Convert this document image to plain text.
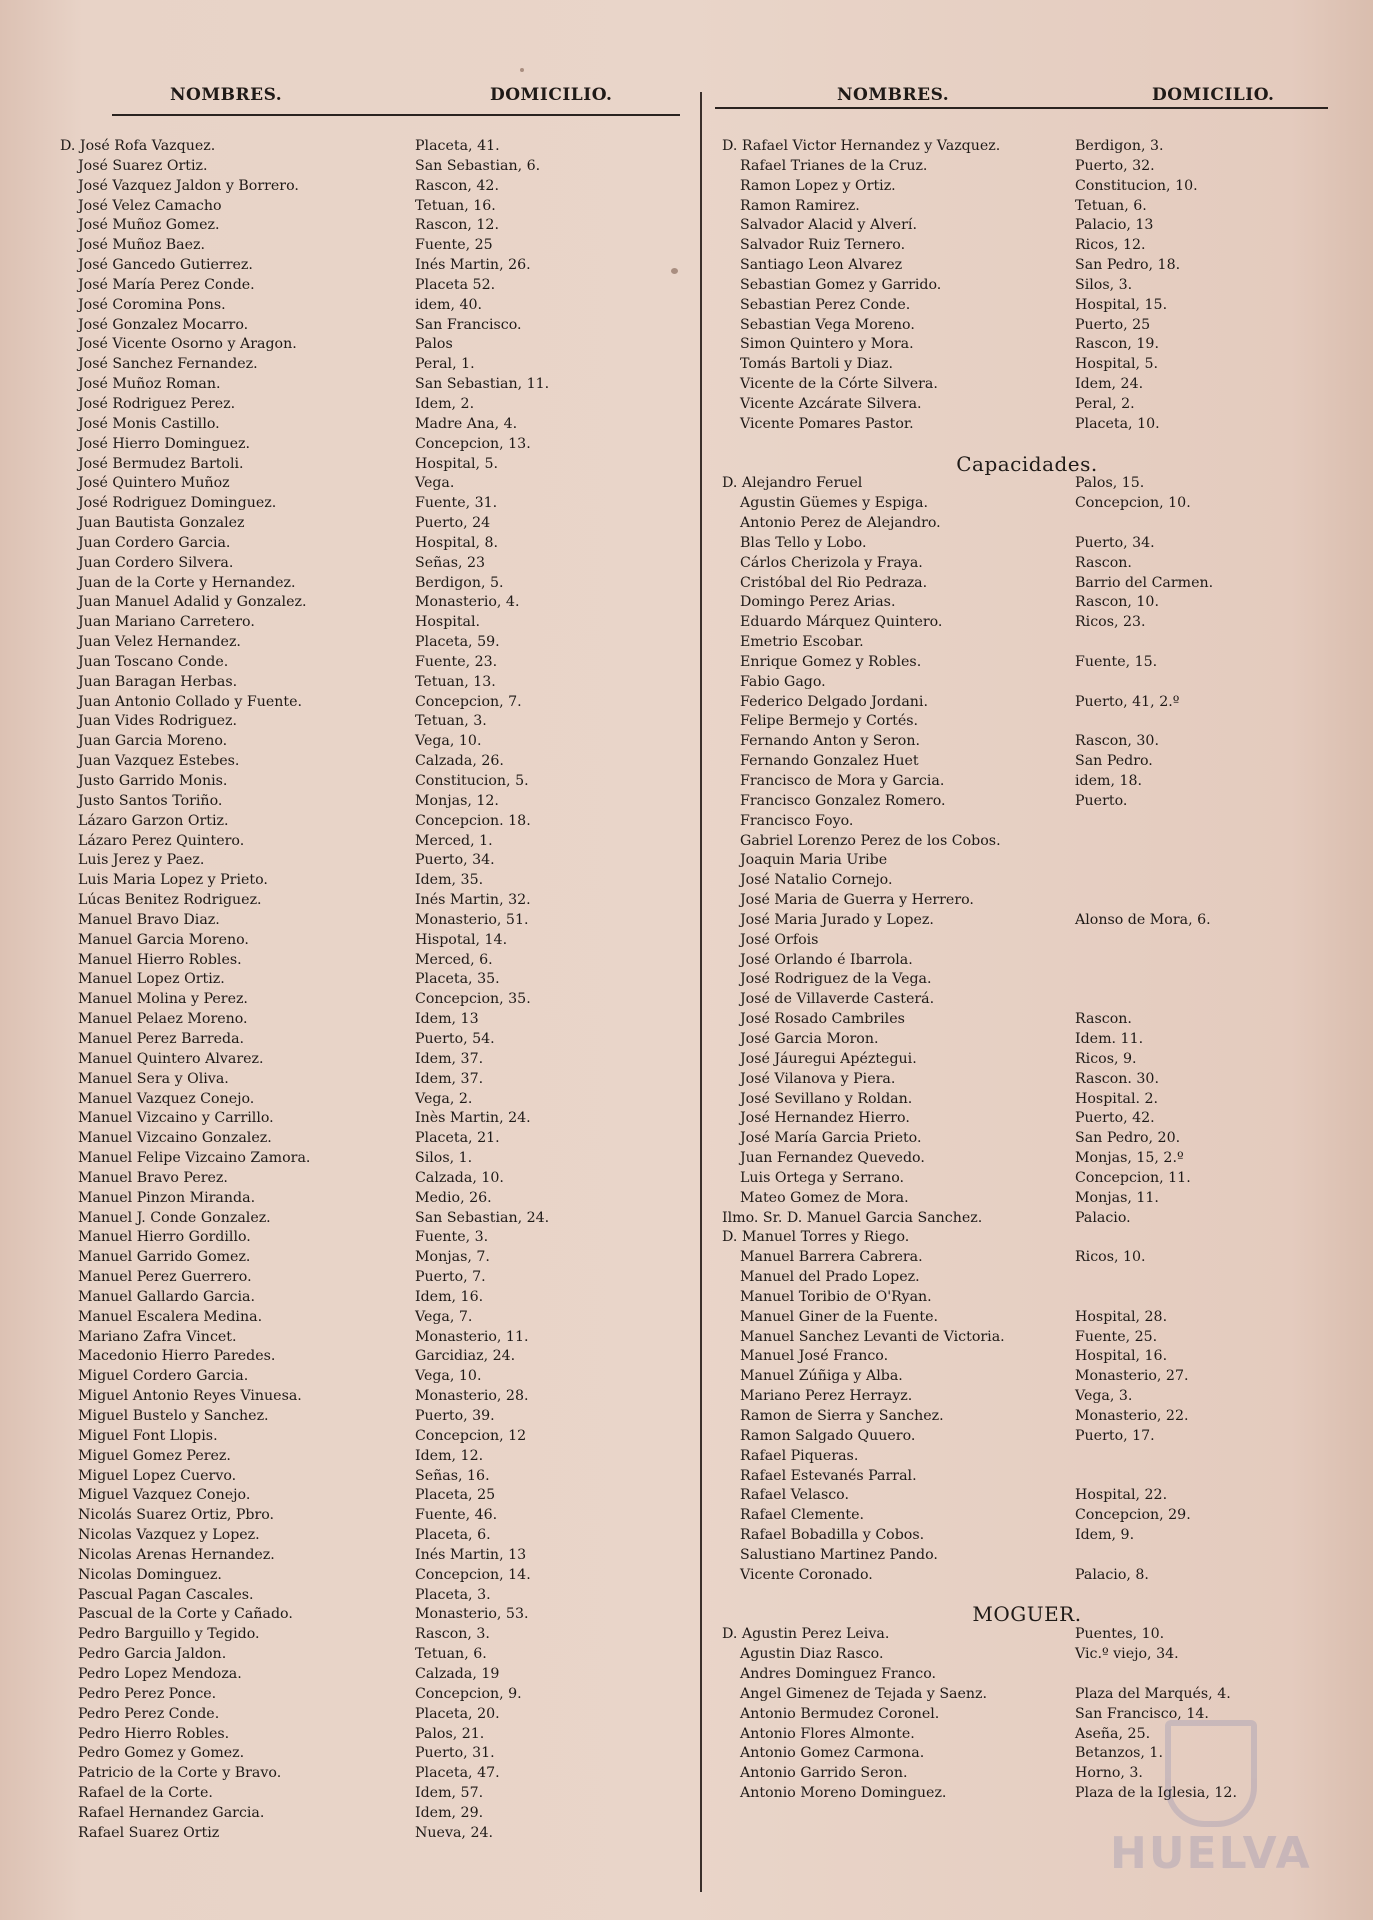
NOMBRES.	DOMICILIO.	NOMBRES.	DOMICILIO.
D. José Rofa Vazquez.	Placeta, 41.
José Suarez Ortiz.	San Sebastian, 6.
José Vazquez Jaldon y Borrero.	Rascon, 42.
José Velez Camacho	Tetuan, 16.
José Muñoz Gomez.	Rascon, 12.
José Muñoz Baez.	Fuente, 25
José Gancedo Gutierrez.	Inés Martin, 26.
José María Perez Conde.	Placeta 52.
José Coromina Pons.	idem, 40.
José Gonzalez Mocarro.	San Francisco.
José Vicente Osorno y Aragon.	Palos
José Sanchez Fernandez.	Peral, 1.
José Muñoz Roman.	San Sebastian, 11.
José Rodriguez Perez.	Idem, 2.
José Monis Castillo.	Madre Ana, 4.
José Hierro Dominguez.	Concepcion, 13.
José Bermudez Bartoli.	Hospital, 5.
José Quintero Muñoz	Vega.
José Rodriguez Dominguez.	Fuente, 31.
Juan Bautista Gonzalez	Puerto, 24
Juan Cordero Garcia.	Hospital, 8.
Juan Cordero Silvera.	Señas, 23
Juan de la Corte y Hernandez.	Berdigon, 5.
Juan Manuel Adalid y Gonzalez.	Monasterio, 4.
Juan Mariano Carretero.	Hospital.
Juan Velez Hernandez.	Placeta, 59.
Juan Toscano Conde.	Fuente, 23.
Juan Baragan Herbas.	Tetuan, 13.
Juan Antonio Collado y Fuente.	Concepcion, 7.
Juan Vides Rodriguez.	Tetuan, 3.
Juan Garcia Moreno.	Vega, 10.
Juan Vazquez Estebes.	Calzada, 26.
Justo Garrido Monis.	Constitucion, 5.
Justo Santos Toriño.	Monjas, 12.
Lázaro Garzon Ortiz.	Concepcion. 18.
Lázaro Perez Quintero.	Merced, 1.
Luis Jerez y Paez.	Puerto, 34.
Luis Maria Lopez y Prieto.	Idem, 35.
Lúcas Benitez Rodriguez.	Inés Martin, 32.
Manuel Bravo Diaz.	Monasterio, 51.
Manuel Garcia Moreno.	Hispotal, 14.
Manuel Hierro Robles.	Merced, 6.
Manuel Lopez Ortiz.	Placeta, 35.
Manuel Molina y Perez.	Concepcion, 35.
Manuel Pelaez Moreno.	Idem, 13
Manuel Perez Barreda.	Puerto, 54.
Manuel Quintero Alvarez.	Idem, 37.
Manuel Sera y Oliva.	Idem, 37.
Manuel Vazquez Conejo.	Vega, 2.
Manuel Vizcaino y Carrillo.	Inès Martin, 24.
Manuel Vizcaino Gonzalez.	Placeta, 21.
Manuel Felipe Vizcaino Zamora.	Silos, 1.
Manuel Bravo Perez.	Calzada, 10.
Manuel Pinzon Miranda.	Medio, 26.
Manuel J. Conde Gonzalez.	San Sebastian, 24.
Manuel Hierro Gordillo.	Fuente, 3.
Manuel Garrido Gomez.	Monjas, 7.
Manuel Perez Guerrero.	Puerto, 7.
Manuel Gallardo Garcia.	Idem, 16.
Manuel Escalera Medina.	Vega, 7.
Mariano Zafra Vincet.	Monasterio, 11.
Macedonio Hierro Paredes.	Garcidiaz, 24.
Miguel Cordero Garcia.	Vega, 10.
Miguel Antonio Reyes Vinuesa.	Monasterio, 28.
Miguel Bustelo y Sanchez.	Puerto, 39.
Miguel Font Llopis.	Concepcion, 12
Miguel Gomez Perez.	Idem, 12.
Miguel Lopez Cuervo.	Señas, 16.
Miguel Vazquez Conejo.	Placeta, 25
Nicolás Suarez Ortiz, Pbro.	Fuente, 46.
Nicolas Vazquez y Lopez.	Placeta, 6.
Nicolas Arenas Hernandez.	Inés Martin, 13
Nicolas Dominguez.	Concepcion, 14.
Pascual Pagan Cascales.	Placeta, 3.
Pascual de la Corte y Cañado.	Monasterio, 53.
Pedro Barguillo y Tegido.	Rascon, 3.
Pedro Garcia Jaldon.	Tetuan, 6.
Pedro Lopez Mendoza.	Calzada, 19
Pedro Perez Ponce.	Concepcion, 9.
Pedro Perez Conde.	Placeta, 20.
Pedro Hierro Robles.	Palos, 21.
Pedro Gomez y Gomez.	Puerto, 31.
Patricio de la Corte y Bravo.	Placeta, 47.
Rafael de la Corte.	Idem, 57.
Rafael Hernandez Garcia.	Idem, 29.
Rafael Suarez Ortiz	Nueva, 24.
D. Rafael Victor Hernandez y Vazquez.	Berdigon, 3.
Rafael Trianes de la Cruz.	Puerto, 32.
Ramon Lopez y Ortiz.	Constitucion, 10.
Ramon Ramirez.	Tetuan, 6.
Salvador Alacid y Alverí.	Palacio, 13
Salvador Ruiz Ternero.	Ricos, 12.
Santiago Leon Alvarez	San Pedro, 18.
Sebastian Gomez y Garrido.	Silos, 3.
Sebastian Perez Conde.	Hospital, 15.
Sebastian Vega Moreno.	Puerto, 25
Simon Quintero y Mora.	Rascon, 19.
Tomás Bartoli y Diaz.	Hospital, 5.
Vicente de la Córte Silvera.	Idem, 24.
Vicente Azcárate Silvera.	Peral, 2.
Vicente Pomares Pastor.	Placeta, 10.
Capacidades.
D. Alejandro Feruel	Palos, 15.
Agustin Güemes y Espiga.	Concepcion, 10.
Antonio Perez de Alejandro.
Blas Tello y Lobo.	Puerto, 34.
Cárlos Cherizola y Fraya.	Rascon.
Cristóbal del Rio Pedraza.	Barrio del Carmen.
Domingo Perez Arias.	Rascon, 10.
Eduardo Márquez Quintero.	Ricos, 23.
Emetrio Escobar.
Enrique Gomez y Robles.	Fuente, 15.
Fabio Gago.
Federico Delgado Jordani.	Puerto, 41, 2.º
Felipe Bermejo y Cortés.
Fernando Anton y Seron.	Rascon, 30.
Fernando Gonzalez Huet	San Pedro.
Francisco de Mora y Garcia.	idem, 18.
Francisco Gonzalez Romero.	Puerto.
Francisco Foyo.
Gabriel Lorenzo Perez de los Cobos.
Joaquin Maria Uribe
José Natalio Cornejo.
José Maria de Guerra y Herrero.
José Maria Jurado y Lopez.	Alonso de Mora, 6.
José Orfois
José Orlando é Ibarrola.
José Rodriguez de la Vega.
José de Villaverde Casterá.
José Rosado Cambriles	Rascon.
José Garcia Moron.	Idem. 11.
José Jáuregui Apéztegui.	Ricos, 9.
José Vilanova y Piera.	Rascon. 30.
José Sevillano y Roldan.	Hospital. 2.
José Hernandez Hierro.	Puerto, 42.
José María Garcia Prieto.	San Pedro, 20.
Juan Fernandez Quevedo.	Monjas, 15, 2.º
Luis Ortega y Serrano.	Concepcion, 11.
Mateo Gomez de Mora.	Monjas, 11.
Ilmo. Sr. D. Manuel Garcia Sanchez.	Palacio.
D. Manuel Torres y Riego.
Manuel Barrera Cabrera.	Ricos, 10.
Manuel del Prado Lopez.
Manuel Toribio de O'Ryan.
Manuel Giner de la Fuente.	Hospital, 28.
Manuel Sanchez Levanti de Victoria.	Fuente, 25.
Manuel José Franco.	Hospital, 16.
Manuel Zúñiga y Alba.	Monasterio, 27.
Mariano Perez Herrayz.	Vega, 3.
Ramon de Sierra y Sanchez.	Monasterio, 22.
Ramon Salgado Quuero.	Puerto, 17.
Rafael Piqueras.
Rafael Estevanés Parral.
Rafael Velasco.	Hospital, 22.
Rafael Clemente.	Concepcion, 29.
Rafael Bobadilla y Cobos.	Idem, 9.
Salustiano Martinez Pando.
Vicente Coronado.	Palacio, 8.
MOGUER.
D. Agustin Perez Leiva.	Puentes, 10.
Agustin Diaz Rasco.	Vic.º viejo, 34.
Andres Dominguez Franco.
Angel Gimenez de Tejada y Saenz.	Plaza del Marqués, 4.
Antonio Bermudez Coronel.	San Francisco, 14.
Antonio Flores Almonte.	Aseña, 25.
Antonio Gomez Carmona.	Betanzos, 1.
Antonio Garrido Seron.	Horno, 3.
Antonio Moreno Dominguez.	Plaza de la Iglesia, 12.
HUELVA
